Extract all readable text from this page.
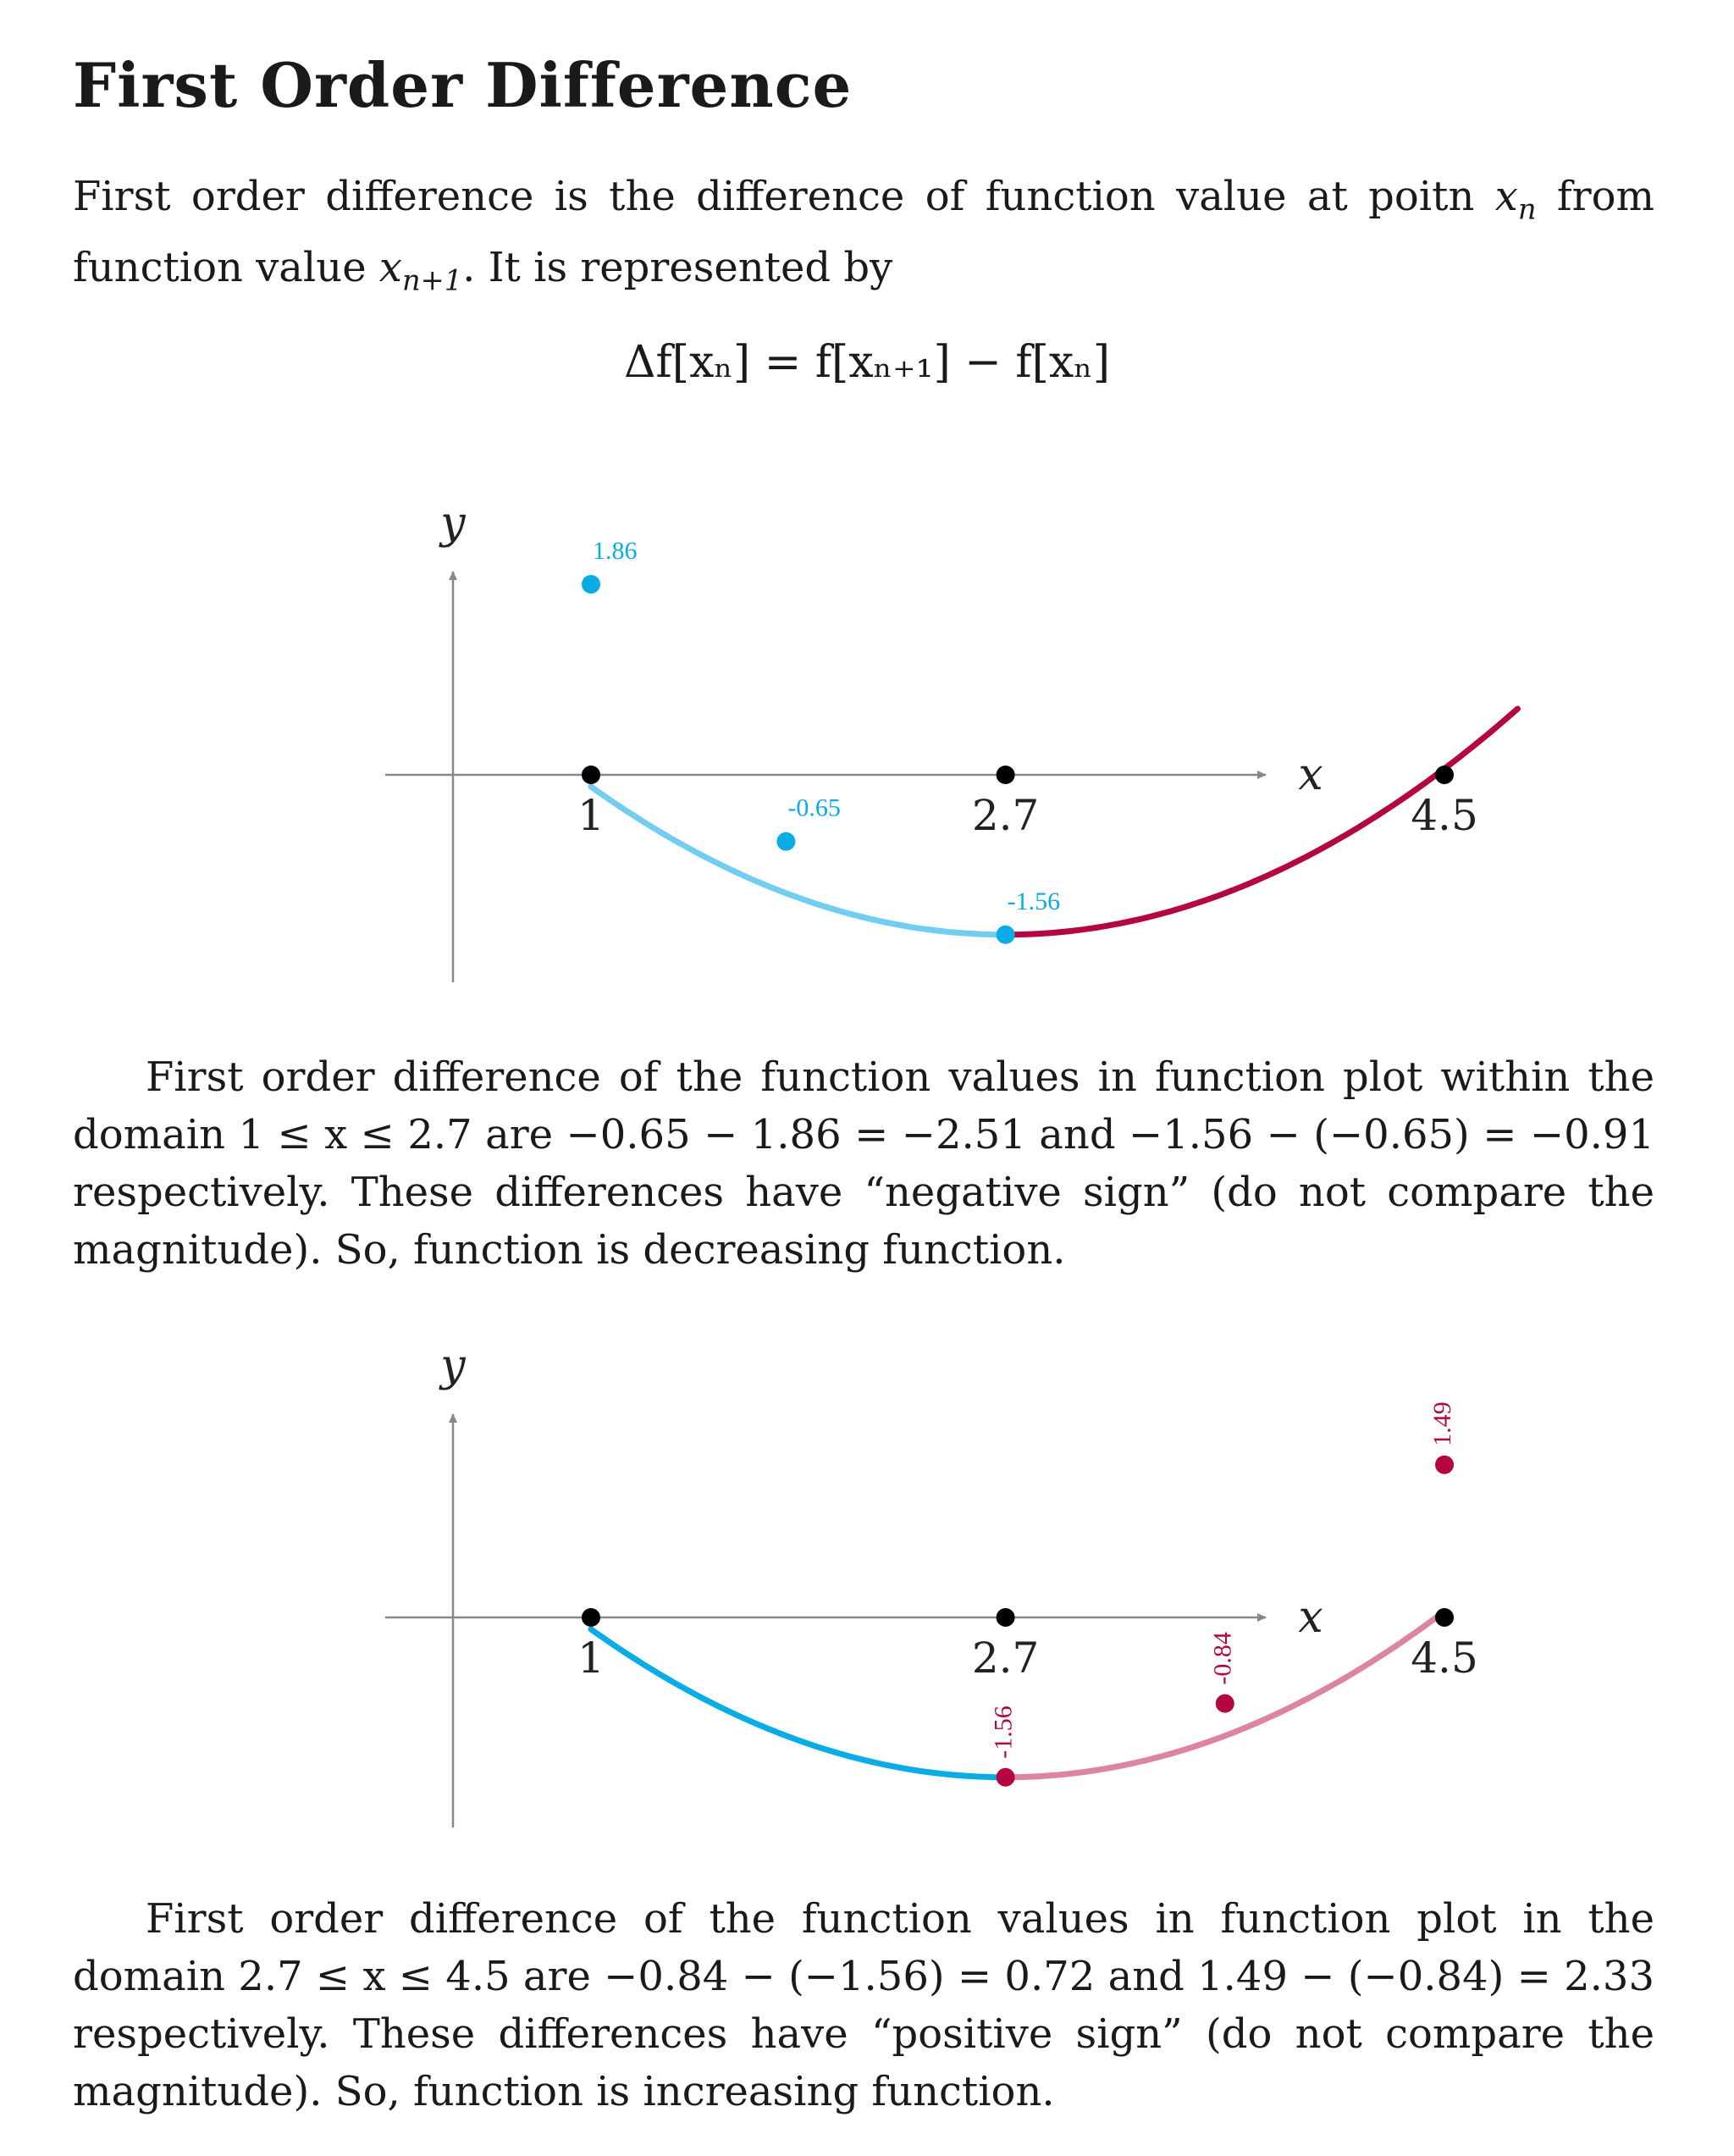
First Order Difference

First order difference is the difference of function value at poitn $x_n$ from function value $x_{n+1}$. It is represented by

Δf[xₙ] = f[xₙ₊₁] − f[xₙ]

x
y
1	2.7	4.5
1.86
-0.65
-1.56

First order difference of the function values in function plot within the domain 1 ≤ x ≤ 2.7 are −0.65 − 1.86 = −2.51 and −1.56 − (−0.65) = −0.91 respectively. These differences have “negative sign” (do not compare the magnitude). So, function is decreasing function.

x
y
1	2.7	4.5
-1.56
-0.84
1.49

First order difference of the function values in function plot in the domain 2.7 ≤ x ≤ 4.5 are −0.84 − (−1.56) = 0.72 and 1.49 − (−0.84) = 2.33 respectively. These differences have “positive sign” (do not compare the magnitude). So, function is increasing function.
